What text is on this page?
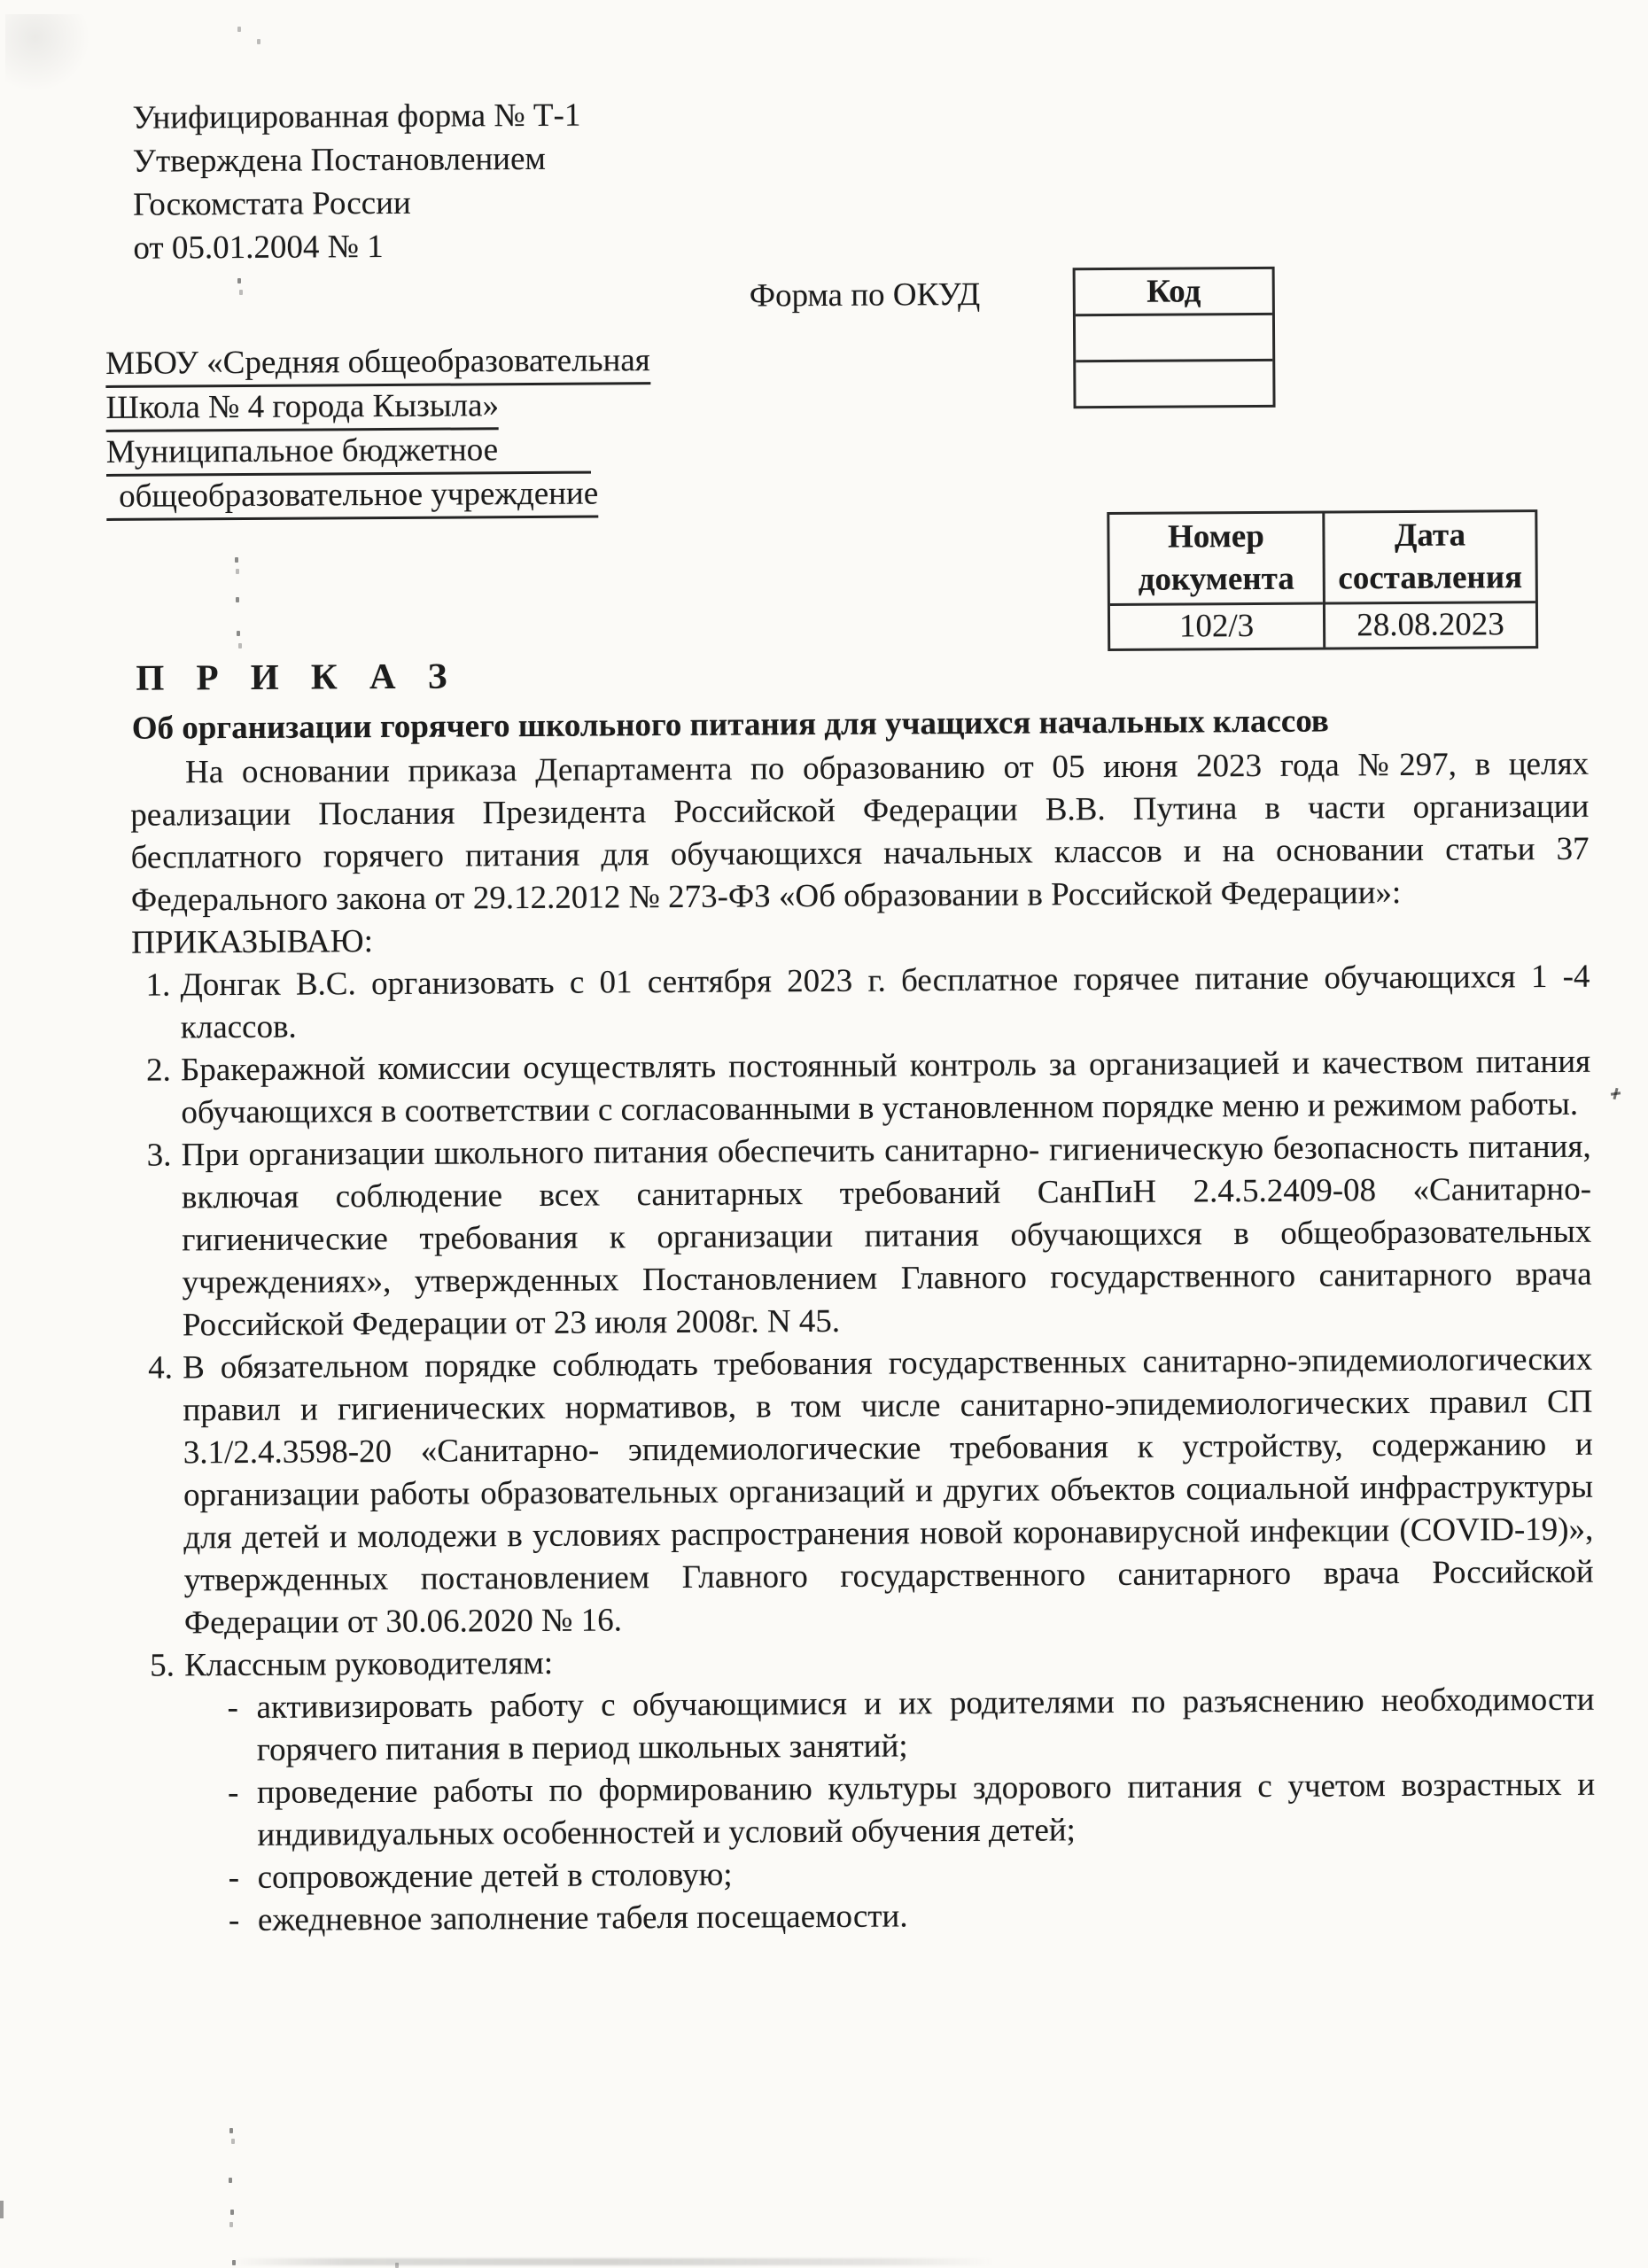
Унифицированная форма № Т-1
Утверждена Постановлением
Госкомстата России
от 05.01.2004 № 1
Форма по ОКУД	Код
МБОУ «Средняя общеобразовательная
Школа № 4 города Кызыла»
Муниципальное бюджетное
общеобразовательное учреждение
Номер документа
Дата составления
102/3	28.08.2023
П Р И К А З
Об организации горячего школьного питания для учащихся начальных классов

На основании приказа Департамента по образованию от 05 июня 2023 года №297, в целях реализации Послания Президента Российской Федерации В.В. Путина в части организации бесплатного горячего питания для обучающихся начальных классов и на основании статьи 37 Федерального закона от 29.12.2012 № 273-ФЗ «Об образовании в Российской Федерации»:

ПРИКАЗЫВАЮ:
1. Донгак В.С. организовать с 01 сентября 2023 г. бесплатное горячее питание обучающихся 1 -4 классов.
2. Бракеражной комиссии осуществлять постоянный контроль за организацией и качеством питания обучающихся в соответствии с согласованными в установленном порядке меню и режимом работы.
3. При организации школьного питания обеспечить санитарно- гигиеническую безопасность питания, включая соблюдение всех санитарных требований СанПиН 2.4.5.2409-08 «Санитарно-гигиенические требования к организации питания обучающихся в общеобразовательных учреждениях», утвержденных Постановлением Главного государственного санитарного врача Российской Федерации от 23 июля 2008г. N 45.
4. В обязательном порядке соблюдать требования государственных санитарно-эпидемиологических правил и гигиенических нормативов, в том числе санитарно-эпидемиологических правил СП 3.1/2.4.3598-20 «Санитарно- эпидемиологические требования к устройству, содержанию и организации работы образовательных организаций и других объектов социальной инфраструктуры для детей и молодежи в условиях распространения новой коронавирусной инфекции (COVID-19)», утвержденных постановлением Главного государственного санитарного врача Российской Федерации от 30.06.2020 № 16.
5. Классным руководителям:
- активизировать работу с обучающимися и их родителями по разъяснению необходимости горячего питания в период школьных занятий;
- проведение работы по формированию культуры здорового питания с учетом возрастных и индивидуальных особенностей и условий обучения детей;
- сопровождение детей в столовую;
- ежедневное заполнение табеля посещаемости.
